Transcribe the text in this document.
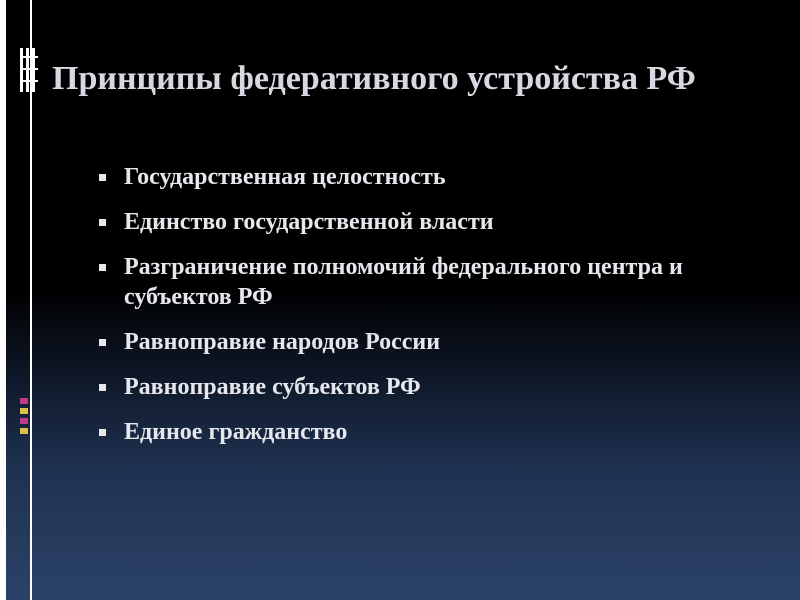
Принципы федеративного устройства РФ
Государственная целостность
Единство государственной власти
Разграничение полномочий федерального центра и субъектов РФ
Равноправие народов России
Равноправие субъектов РФ
Единое гражданство
